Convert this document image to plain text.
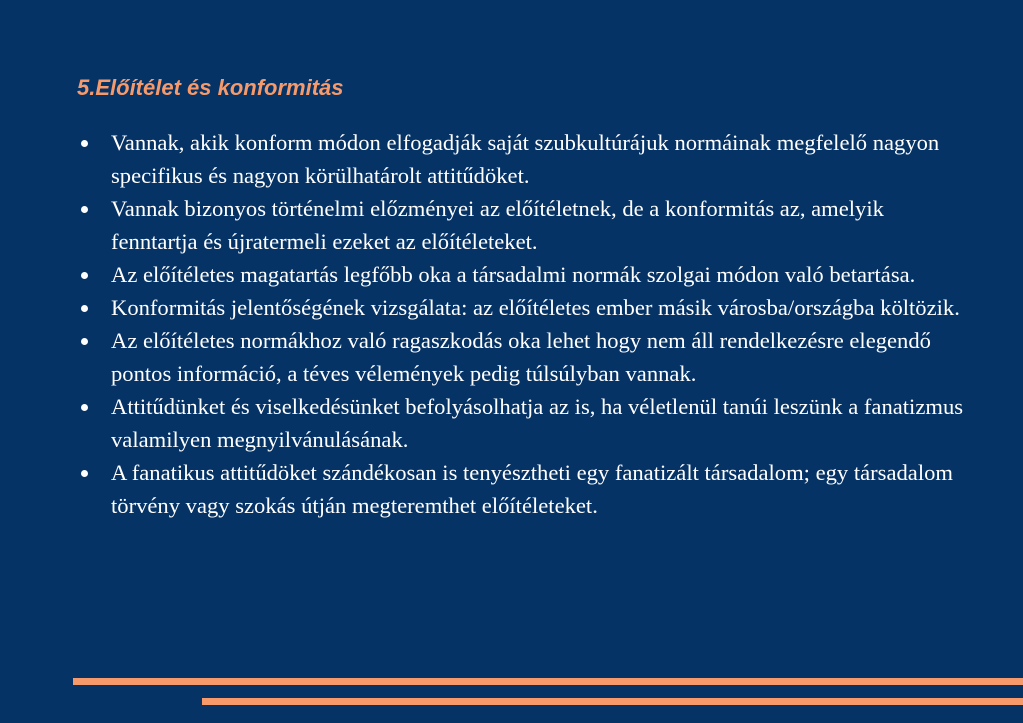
5.Előítélet és konformitás
Vannak, akik konform módon elfogadják saját szubkultúrájuk normáinak megfelelő nagyon specifikus és nagyon körülhatárolt attitűdöket.
Vannak bizonyos történelmi előzményei az előítéletnek, de a konformitás az, amelyik fenntartja és újratermeli ezeket az előítéleteket.
Az előítéletes magatartás legfőbb oka a társadalmi normák szolgai módon való betartása.
Konformitás jelentőségének vizsgálata: az előítéletes ember másik városba/országba költözik.
Az előítéletes normákhoz való ragaszkodás oka lehet hogy nem áll rendelkezésre elegendő pontos információ, a téves vélemények pedig túlsúlyban vannak.
Attitűdünket és viselkedésünket befolyásolhatja az is, ha véletlenül tanúi leszünk a fanatizmus valamilyen megnyilvánulásának.
A fanatikus attitűdöket szándékosan is tenyésztheti egy fanatizált társadalom; egy társadalom törvény vagy szokás útján megteremthet előítéleteket.
